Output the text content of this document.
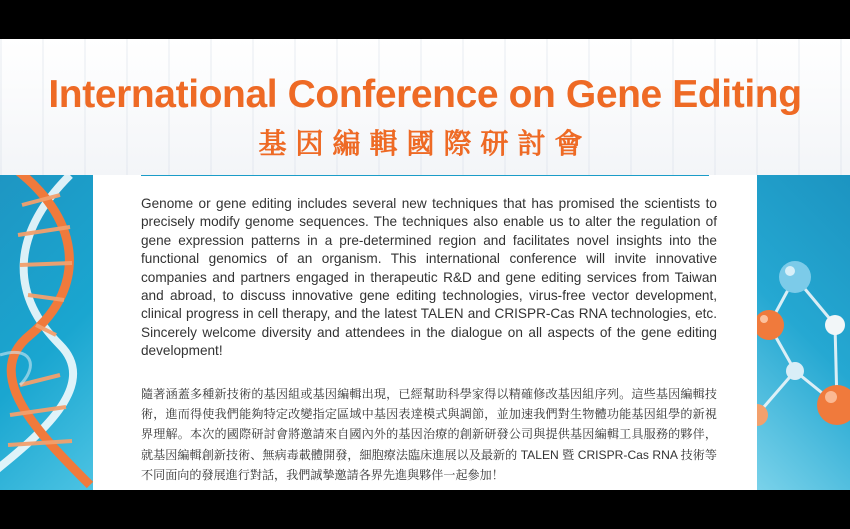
International Conference on Gene Editing
基因編輯國際研討會

Genome or gene editing includes several new techniques that has promised the scientists to precisely modify genome sequences. The techniques also enable us to alter the regulation of gene expression patterns in a pre-determined region and facilitates novel insights into the functional genomics of an organism. This international conference will invite innovative companies and partners engaged in therapeutic R&D and gene editing services from Taiwan and abroad, to discuss innovative gene editing technologies, virus-free vector development, clinical progress in cell therapy, and the latest TALEN and CRISPR-Cas RNA technologies, etc. Sincerely welcome diversity and attendees in the dialogue on all aspects of the gene editing development!

隨著涵蓋多種新技術的基因組或基因編輯出現，已經幫助科學家得以精確修改基因組序列。這些基因編輯技術，進而得使我們能夠特定改變指定區域中基因表達模式與調節，並加速我們對生物體功能基因組學的新視界理解。本次的國際研討會將邀請來自國內外的基因治療的創新研發公司與提供基因編輯工具服務的夥伴，就基因編輯創新技術、無病毒載體開發，細胞療法臨床進展以及最新的 TALEN 暨 CRISPR-Cas RNA 技術等不同面向的發展進行對話，我們誠摯邀請各界先進與夥伴一起參加！
